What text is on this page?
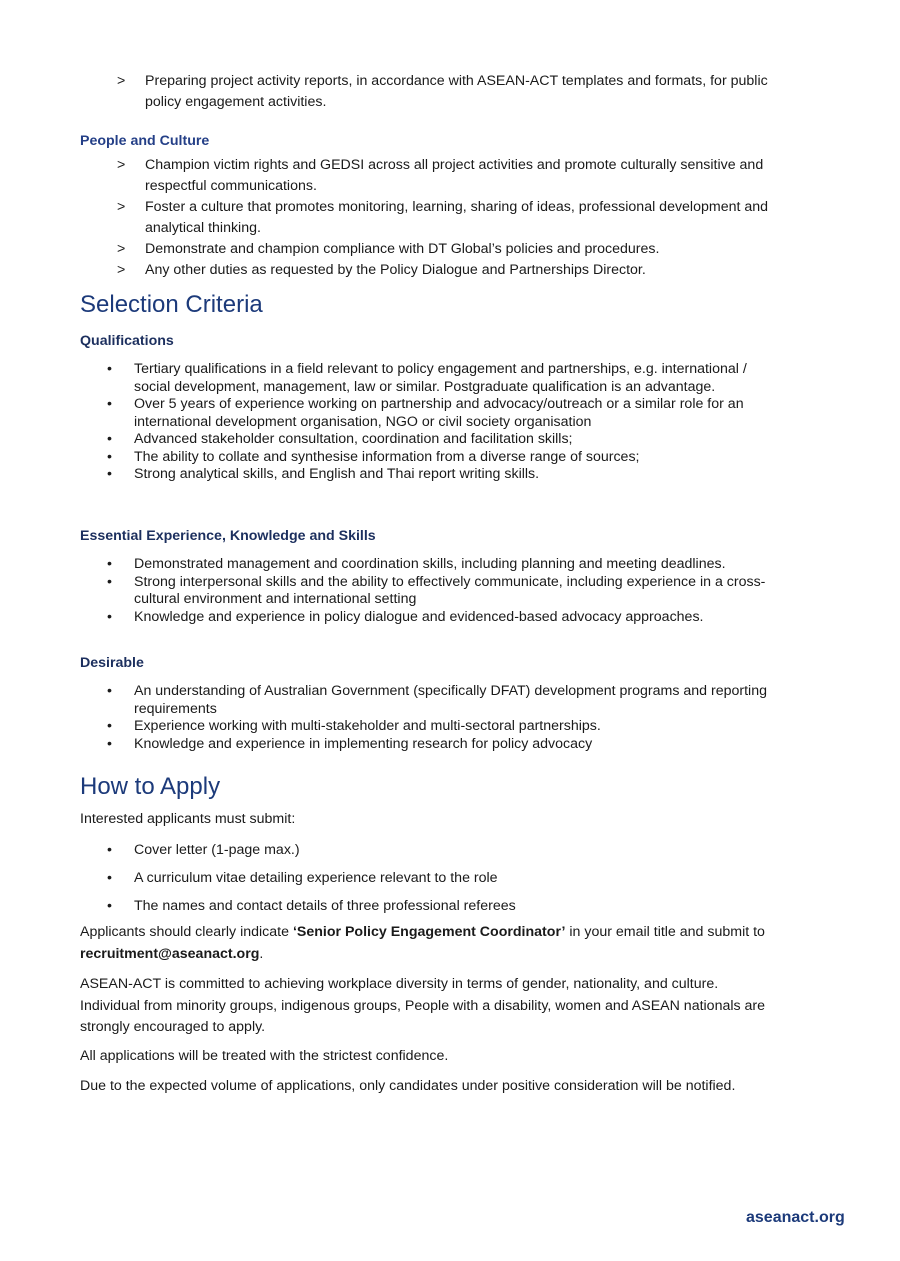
> Preparing project activity reports, in accordance with ASEAN-ACT templates and formats, for public policy engagement activities.
People and Culture
> Champion victim rights and GEDSI across all project activities and promote culturally sensitive and respectful communications.
> Foster a culture that promotes monitoring, learning, sharing of ideas, professional development and analytical thinking.
> Demonstrate and champion compliance with DT Global’s policies and procedures.
> Any other duties as requested by the Policy Dialogue and Partnerships Director.
Selection Criteria
Qualifications
• Tertiary qualifications in a field relevant to policy engagement and partnerships, e.g. international / social development, management, law or similar. Postgraduate qualification is an advantage.
• Over 5 years of experience working on partnership and advocacy/outreach or a similar role for an international development organisation, NGO or civil society organisation
• Advanced stakeholder consultation, coordination and facilitation skills;
• The ability to collate and synthesise information from a diverse range of sources;
• Strong analytical skills, and English and Thai report writing skills.
Essential Experience, Knowledge and Skills
• Demonstrated management and coordination skills, including planning and meeting deadlines.
• Strong interpersonal skills and the ability to effectively communicate, including experience in a cross-cultural environment and international setting
• Knowledge and experience in policy dialogue and evidenced-based advocacy approaches.
Desirable
• An understanding of Australian Government (specifically DFAT) development programs and reporting requirements
• Experience working with multi-stakeholder and multi-sectoral partnerships.
• Knowledge and experience in implementing research for policy advocacy
How to Apply

Interested applicants must submit:

• Cover letter (1-page max.)
• A curriculum vitae detailing experience relevant to the role
• The names and contact details of three professional referees

Applicants should clearly indicate ‘Senior Policy Engagement Coordinator’ in your email title and submit to recruitment@aseanact.org.

ASEAN-ACT is committed to achieving workplace diversity in terms of gender, nationality, and culture. Individual from minority groups, indigenous groups, People with a disability, women and ASEAN nationals are strongly encouraged to apply.

All applications will be treated with the strictest confidence.

Due to the expected volume of applications, only candidates under positive consideration will be notified.

aseanact.org
